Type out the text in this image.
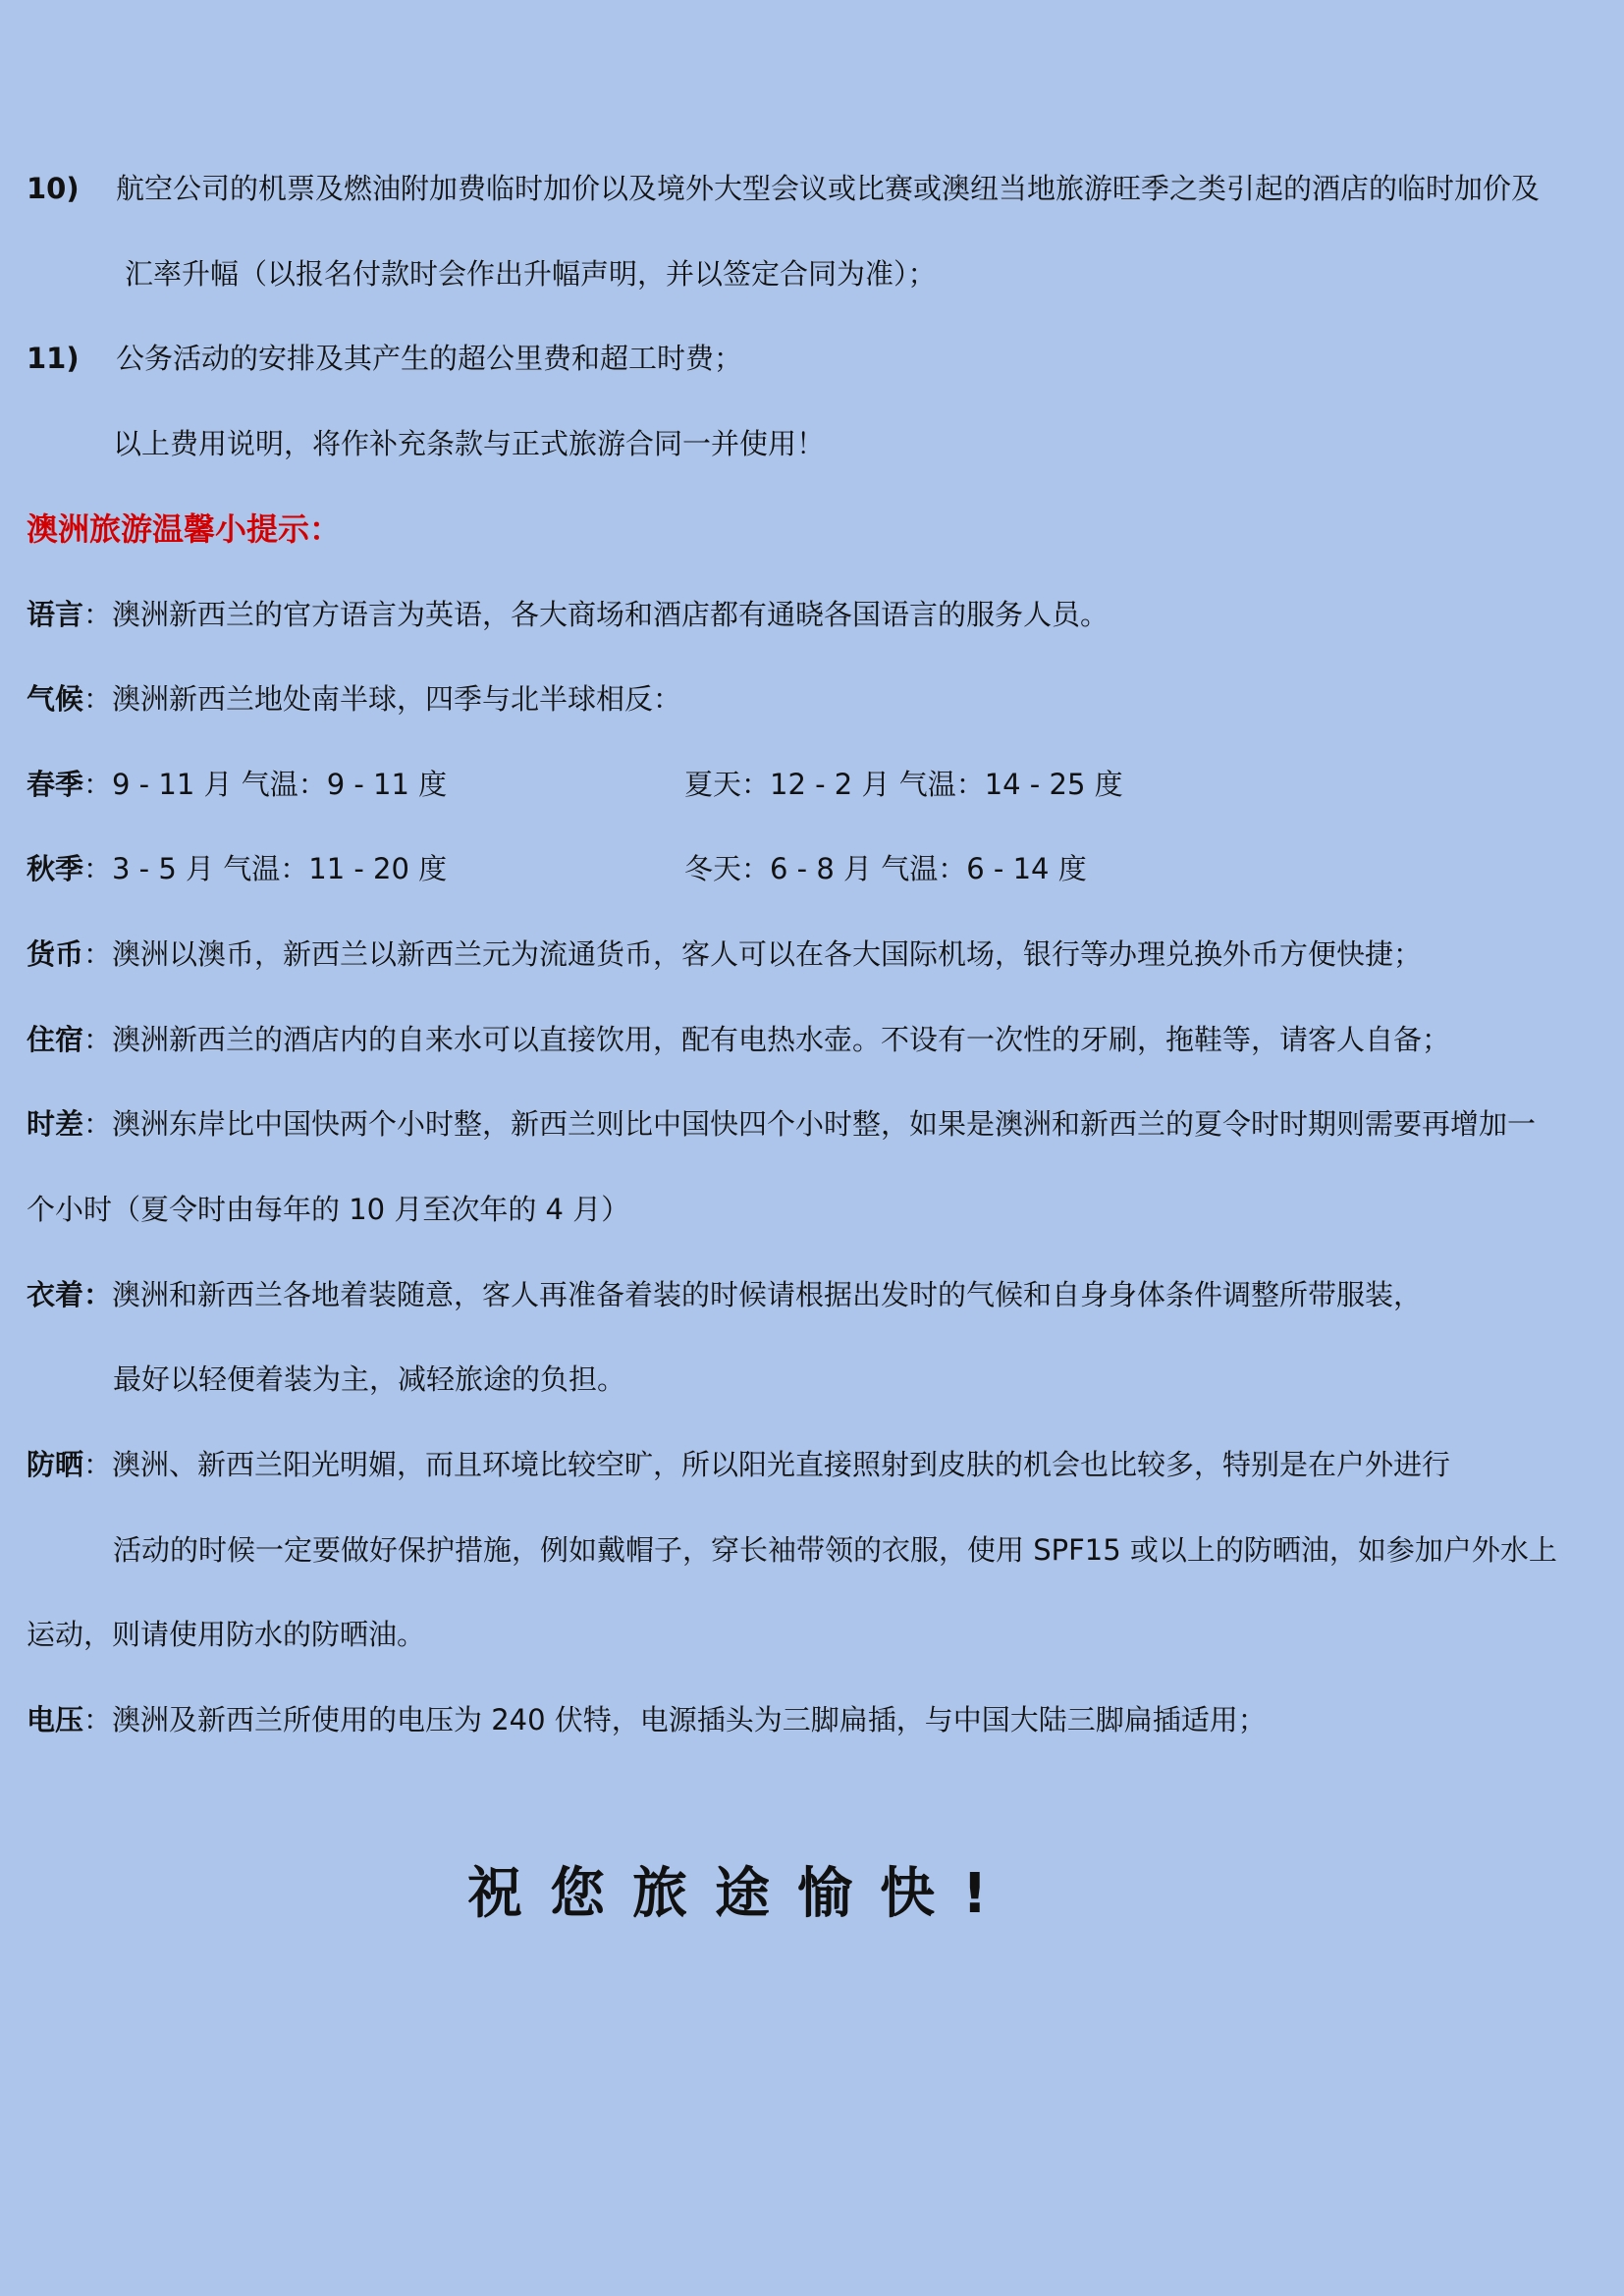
10) 航空公司的机票及燃油附加费临时加价以及境外大型会议或比赛或澳纽当地旅游旺季之类引起的酒店的临时加价及
汇率升幅（以报名付款时会作出升幅声明，并以签定合同为准）；
11) 公务活动的安排及其产生的超公里费和超工时费；
以上费用说明，将作补充条款与正式旅游合同一并使用！
澳洲旅游温馨小提示：
语言：澳洲新西兰的官方语言为英语，各大商场和酒店都有通晓各国语言的服务人员。
气候：澳洲新西兰地处南半球，四季与北半球相反：
春季：9 - 11 月 气温：9 - 11 度	夏天：12 - 2 月 气温：14 - 25 度
秋季：3 - 5 月 气温：11 - 20 度	冬天：6 - 8 月 气温：6 - 14 度
货币：澳洲以澳币，新西兰以新西兰元为流通货币，客人可以在各大国际机场，银行等办理兑换外币方便快捷；
住宿：澳洲新西兰的酒店内的自来水可以直接饮用，配有电热水壶。不设有一次性的牙刷，拖鞋等，请客人自备；
时差：澳洲东岸比中国快两个小时整，新西兰则比中国快四个小时整，如果是澳洲和新西兰的夏令时时期则需要再增加一
个小时（夏令时由每年的 10 月至次年的 4 月）
衣着：澳洲和新西兰各地着装随意，客人再准备着装的时候请根据出发时的气候和自身身体条件调整所带服装，
最好以轻便着装为主，减轻旅途的负担。
防晒：澳洲、新西兰阳光明媚，而且环境比较空旷，所以阳光直接照射到皮肤的机会也比较多，特别是在户外进行
活动的时候一定要做好保护措施，例如戴帽子，穿长袖带领的衣服，使用 SPF15 或以上的防晒油，如参加户外水上
运动，则请使用防水的防晒油。
电压：澳洲及新西兰所使用的电压为 240 伏特，电源插头为三脚扁插，与中国大陆三脚扁插适用；
祝您旅途愉快!
